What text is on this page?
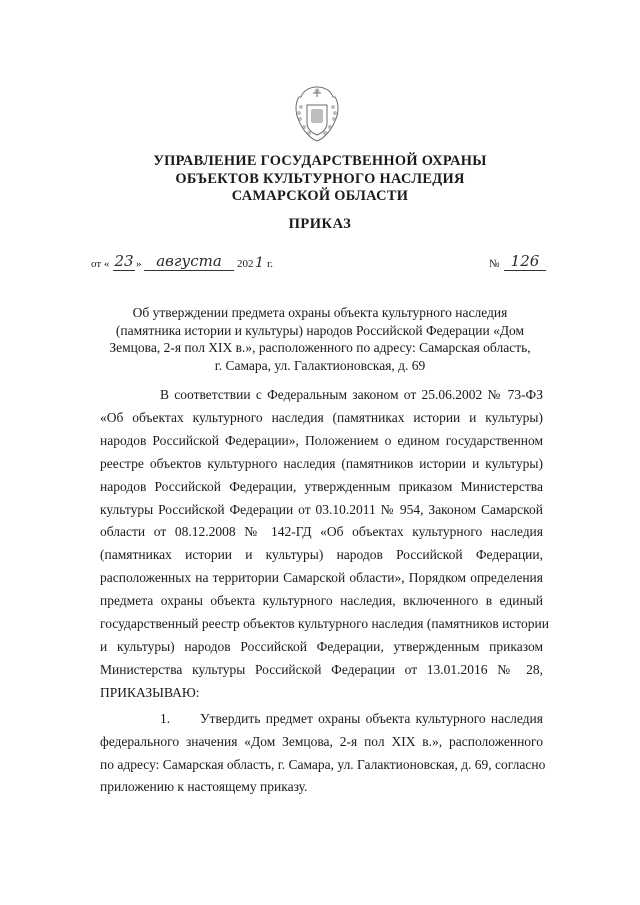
УПРАВЛЕНИЕ ГОСУДАРСТВЕННОЙ ОХРАНЫ
ОБЪЕКТОВ КУЛЬТУРНОГО НАСЛЕДИЯ
САМАРСКОЙ ОБЛАСТИ
ПРИКАЗ
от « 23 » августа	202 1 г.	№ 126
Об утверждении предмета охраны объекта культурного наследия
(памятника истории и культуры) народов Российской Федерации «Дом
Земцова, 2-я пол XIX в.», расположенного по адресу: Самарская область,
г. Самара, ул. Галактионовская, д. 69
В соответствии с Федеральным законом от 25.06.2002 № 73-ФЗ
«Об объектах культурного наследия (памятниках истории и культуры)
народов Российской Федерации», Положением о едином государственном
реестре объектов культурного наследия (памятников истории и культуры)
народов Российской Федерации, утвержденным приказом Министерства
культуры Российской Федерации от 03.10.2011 № 954, Законом Самарской
области от 08.12.2008 № 142-ГД «Об объектах культурного наследия
(памятниках истории и культуры) народов Российской Федерации,
расположенных на территории Самарской области», Порядком определения
предмета охраны объекта культурного наследия, включенного в единый
государственный реестр объектов культурного наследия (памятников истории
и культуры) народов Российской Федерации, утвержденным приказом
Министерства культуры Российской Федерации от 13.01.2016 № 28,
ПРИКАЗЫВАЮ:
1. Утвердить предмет охраны объекта культурного наследия
федерального значения «Дом Земцова, 2-я пол XIX в.», расположенного
по адресу: Самарская область, г. Самара, ул. Галактионовская, д. 69, согласно
приложению к настоящему приказу.
